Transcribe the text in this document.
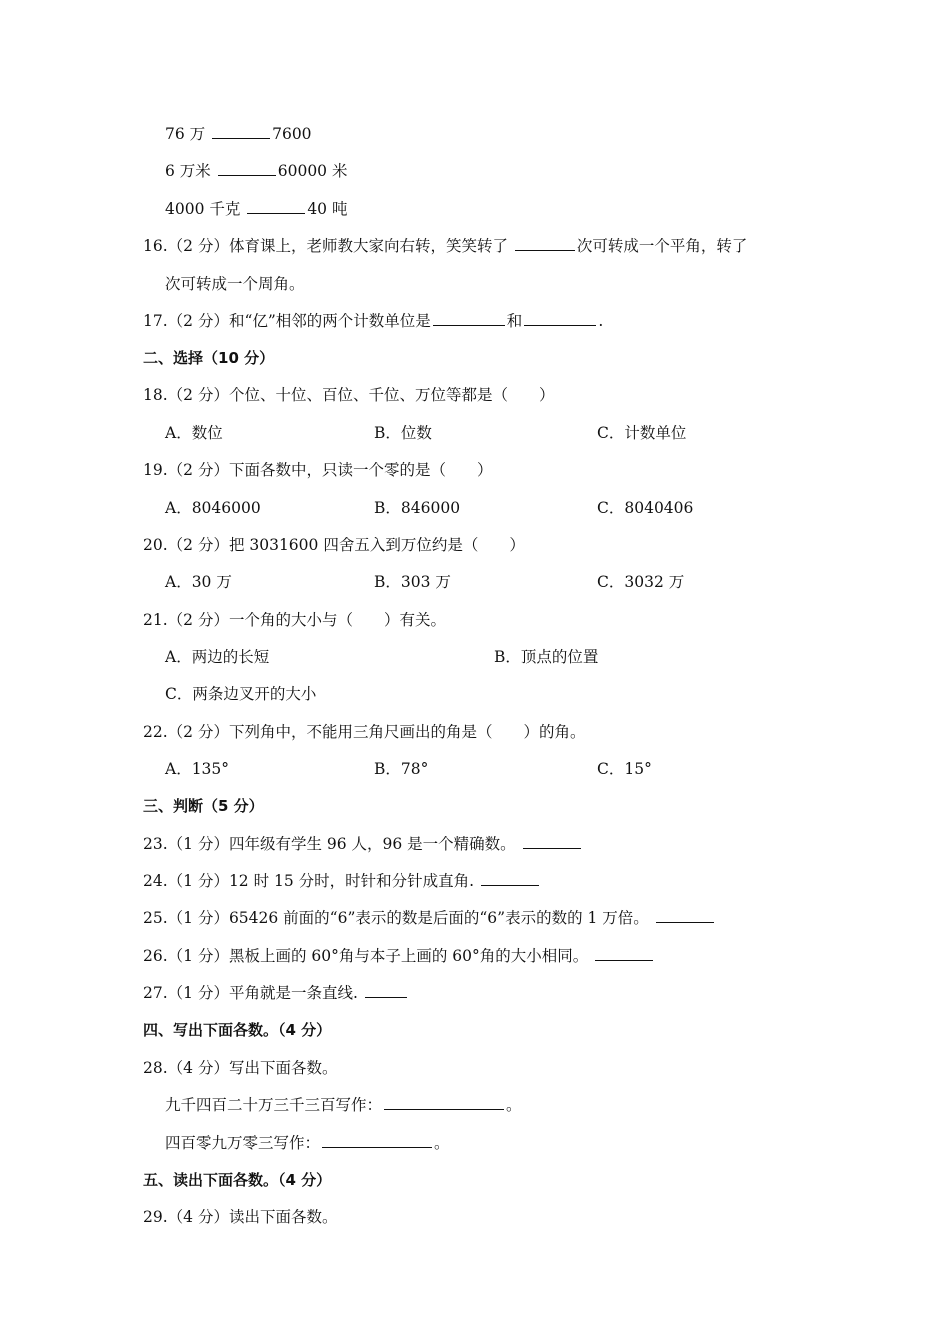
76 万	7600
6 万米	60000 米
4000 千克	40 吨
16.（2 分）体育课上，老师教大家向右转，笑笑转了	次可转成一个平角，转了
次可转成一个周角。
17.（2 分）和“亿”相邻的两个计数单位是	和	.
二、选择（10 分）
18.（2 分）个位、十位、百位、千位、万位等都是（　　）
A．数位	B．位数	C．计数单位
19.（2 分）下面各数中，只读一个零的是（　　）
A．8046000	B．846000	C．8040406
20.（2 分）把 3031600 四舍五入到万位约是（　　）
A．30 万	B．303 万	C．3032 万
21.（2 分）一个角的大小与（　　）有关。
A．两边的长短	B．顶点的位置
C．两条边叉开的大小
22.（2 分）下列角中，不能用三角尺画出的角是（　　）的角。
A．135°	B．78°	C．15°
三、判断（5 分）
23.（1 分）四年级有学生 96 人，96 是一个精确数。
24.（1 分）12 时 15 分时，时针和分针成直角.
25.（1 分）65426 前面的“6”表示的数是后面的“6”表示的数的 1 万倍。
26.（1 分）黑板上画的 60°角与本子上画的 60°角的大小相同。
27.（1 分）平角就是一条直线.
四、写出下面各数。（4 分）
28.（4 分）写出下面各数。
九千四百二十万三千三百写作：	。
四百零九万零三写作：	。
五、读出下面各数。（4 分）
29.（4 分）读出下面各数。
